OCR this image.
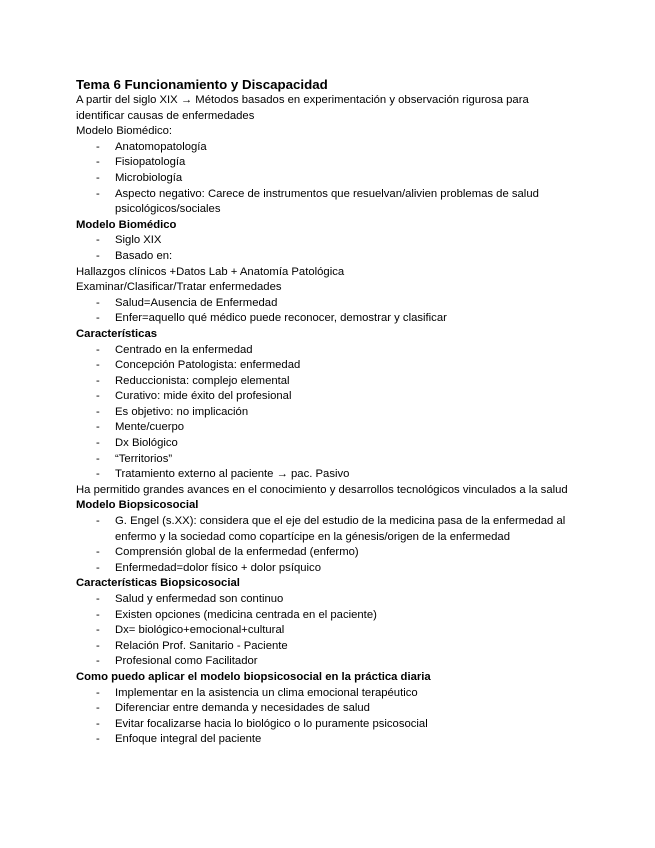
Tema 6 Funcionamiento y Discapacidad

A partir del siglo XIX → Métodos basados en experimentación y observación rigurosa para identificar causas de enfermedades

Modelo Biomédico:

- Anatomopatología
- Fisiopatología
- Microbiología
- Aspecto negativo: Carece de instrumentos que resuelvan/alivien problemas de salud psicológicos/sociales

Modelo Biomédico

- Siglo XIX
- Basado en:

Hallazgos clínicos +Datos Lab + Anatomía Patológica

Examinar/Clasificar/Tratar enfermedades

- Salud=Ausencia de Enfermedad
- Enfer=aquello qué médico puede reconocer, demostrar y clasificar

Características

- Centrado en la enfermedad
- Concepción Patologista: enfermedad
- Reduccionista: complejo elemental
- Curativo: mide éxito del profesional
- Es objetivo: no implicación
- Mente/cuerpo
- Dx Biológico
- “Territorios”
- Tratamiento externo al paciente → pac. Pasivo

Ha permitido grandes avances en el conocimiento y desarrollos tecnológicos vinculados a la salud

Modelo Biopsicosocial

- G. Engel (s.XX): considera que el eje del estudio de la medicina pasa de la enfermedad al enfermo y la sociedad como copartícipe en la génesis/origen de la enfermedad
- Comprensión global de la enfermedad (enfermo)
- Enfermedad=dolor físico + dolor psíquico

Características Biopsicosocial

- Salud y enfermedad son continuo
- Existen opciones (medicina centrada en el paciente)
- Dx= biológico+emocional+cultural
- Relación Prof. Sanitario - Paciente
- Profesional como Facilitador

Como puedo aplicar el modelo biopsicosocial en la práctica diaria

- Implementar en la asistencia un clima emocional terapéutico
- Diferenciar entre demanda y necesidades de salud
- Evitar focalizarse hacia lo biológico o lo puramente psicosocial
- Enfoque integral del paciente
